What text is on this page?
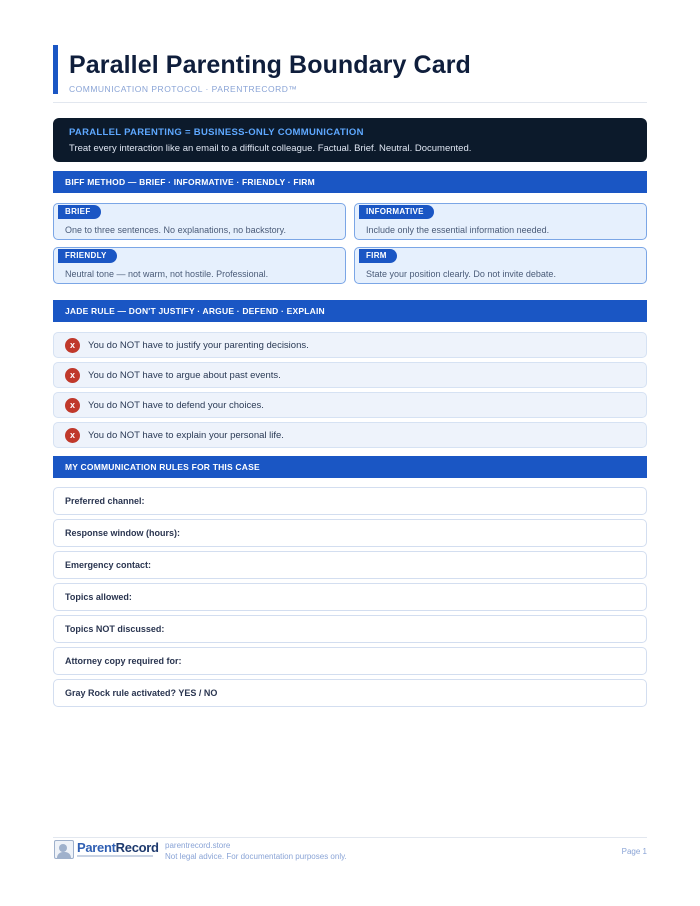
Parallel Parenting Boundary Card
COMMUNICATION PROTOCOL · PARENTRECORD™
PARALLEL PARENTING = BUSINESS-ONLY COMMUNICATION
Treat every interaction like an email to a difficult colleague. Factual. Brief. Neutral. Documented.
BIFF METHOD — BRIEF · INFORMATIVE · FRIENDLY · FIRM
BRIEF
One to three sentences. No explanations, no backstory.
INFORMATIVE
Include only the essential information needed.
FRIENDLY
Neutral tone — not warm, not hostile. Professional.
FIRM
State your position clearly. Do not invite debate.
JADE RULE — DON'T JUSTIFY · ARGUE · DEFEND · EXPLAIN
x	You do NOT have to justify your parenting decisions.
x	You do NOT have to argue about past events.
x	You do NOT have to defend your choices.
x	You do NOT have to explain your personal life.
MY COMMUNICATION RULES FOR THIS CASE
Preferred channel:
Response window (hours):
Emergency contact:
Topics allowed:
Topics NOT discussed:
Attorney copy required for:
Gray Rock rule activated? YES / NO
ParentRecord parentrecord.store
Not legal advice. For documentation purposes only.
Page 1
